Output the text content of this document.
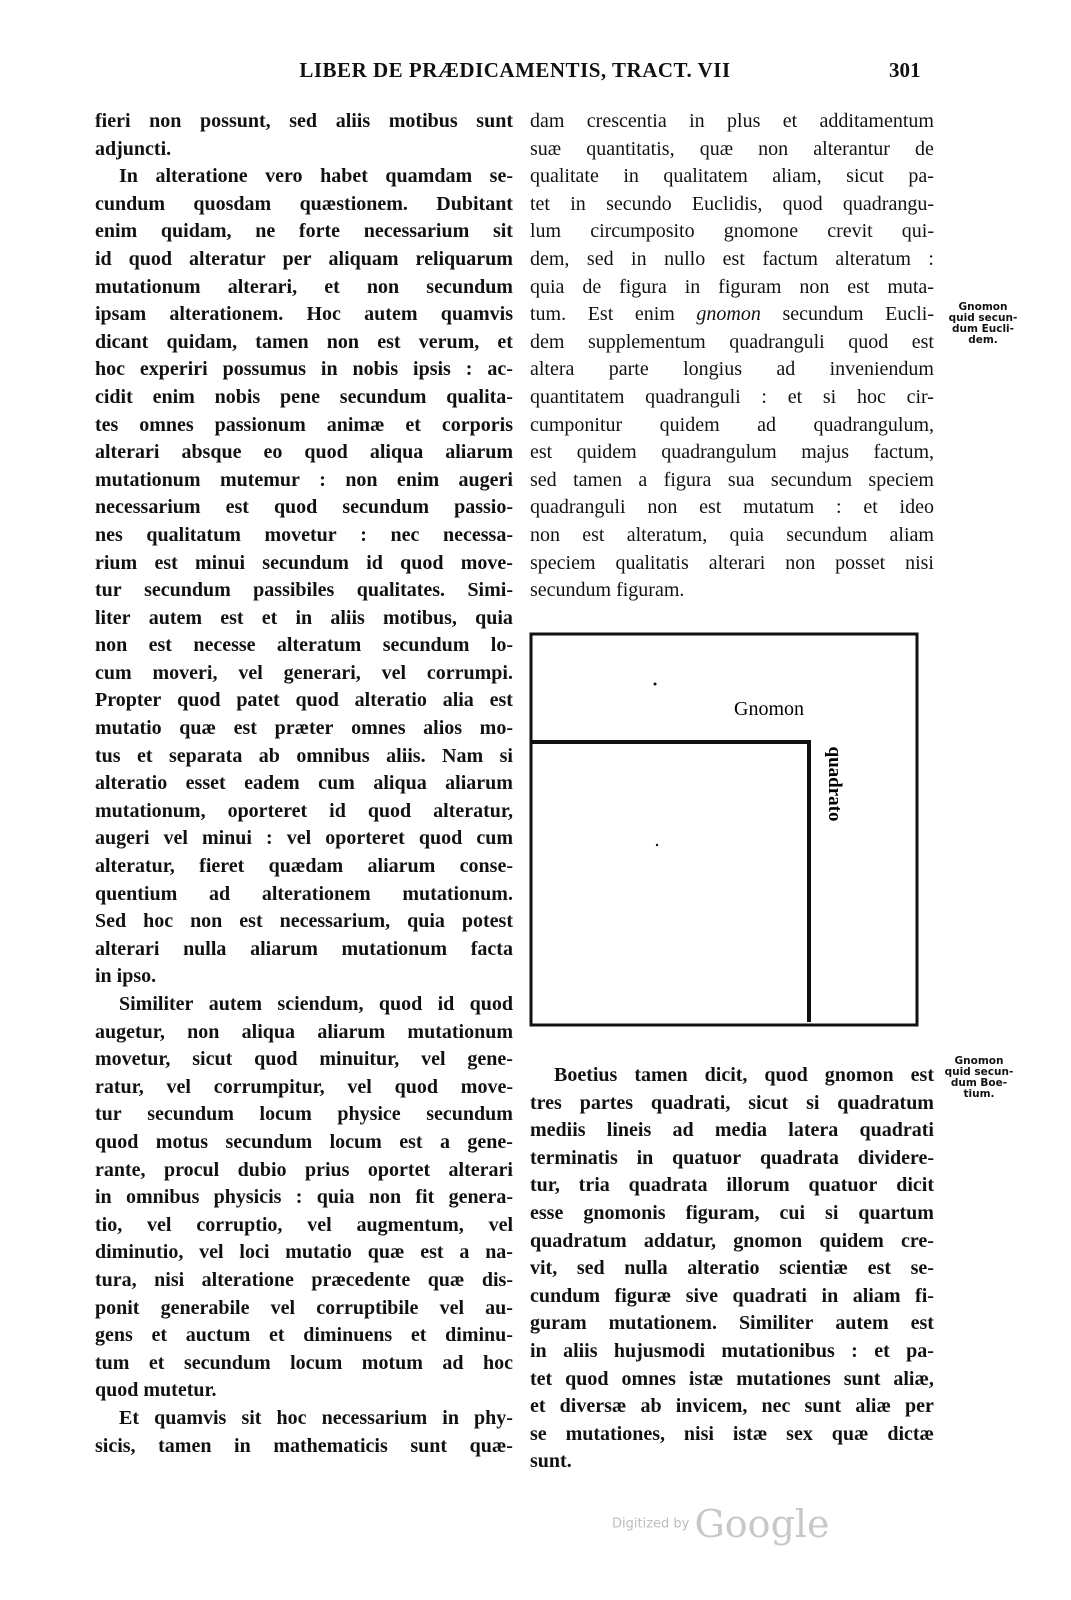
LIBER DE PRÆDICAMENTIS, TRACT. VII	301
fieri non possunt, sed aliis motibus sunt
adjuncti.
In alteratione vero habet quamdam se-
cundum quosdam quæstionem. Dubitant
enim quidam, ne forte necessarium sit
id quod alteratur per aliquam reliquarum
mutationum alterari, et non secundum
ipsam alterationem. Hoc autem quamvis
dicant quidam, tamen non est verum, et
hoc experiri possumus in nobis ipsis : ac-
cidit enim nobis pene secundum qualita-
tes omnes passionum animæ et corporis
alterari absque eo quod aliqua aliarum
mutationum mutemur : non enim augeri
necessarium est quod secundum passio-
nes qualitatum movetur : nec necessa-
rium est minui secundum id quod move-
tur secundum passibiles qualitates. Simi-
liter autem est et in aliis motibus, quia
non est necesse alteratum secundum lo-
cum moveri, vel generari, vel corrumpi.
Propter quod patet quod alteratio alia est
mutatio quæ est præter omnes alios mo-
tus et separata ab omnibus aliis. Nam si
alteratio esset eadem cum aliqua aliarum
mutationum, oporteret id quod alteratur,
augeri vel minui : vel oporteret quod cum
alteratur, fieret quædam aliarum conse-
quentium ad alterationem mutationum.
Sed hoc non est necessarium, quia potest
alterari nulla aliarum mutationum facta
in ipso.
Similiter autem sciendum, quod id quod
augetur, non aliqua aliarum mutationum
movetur, sicut quod minuitur, vel gene-
ratur, vel corrumpitur, vel quod move-
tur secundum locum physice secundum
quod motus secundum locum est a gene-
rante, procul dubio prius oportet alterari
in omnibus physicis : quia non fit genera-
tio, vel corruptio, vel augmentum, vel
diminutio, vel loci mutatio quæ est a na-
tura, nisi alteratione præcedente quæ dis-
ponit generabile vel corruptibile vel au-
gens et auctum et diminuens et diminu-
tum et secundum locum motum ad hoc
quod mutetur.
Et quamvis sit hoc necessarium in phy-
sicis, tamen in mathematicis sunt quæ-
dam crescentia in plus et additamentum
suæ quantitatis, quæ non alterantur de
qualitate in qualitatem aliam, sicut pa-
tet in secundo Euclidis, quod quadrangu-
lum circumposito gnomone crevit qui-
dem, sed in nullo est factum alteratum :
quia de figura in figuram non est muta-
tum. Est enim gnomon secundum Eucli-
dem supplementum quadranguli quod est
altera parte longius ad inveniendum
quantitatem quadranguli : et si hoc cir-
cumponitur quidem ad quadrangulum,
est quidem quadrangulum majus factum,
sed tamen a figura sua secundum speciem
quadranguli non est mutatum : et ideo
non est alteratum, quia secundum aliam
speciem qualitatis alterari non posset nisi
secundum figuram.
Gnomon
quid secun-
dum Eucli-
dem.
Gnomon
quadrato
Boetius tamen dicit, quod gnomon est
tres partes quadrati, sicut si quadratum
mediis lineis ad media latera quadrati
terminatis in quatuor quadrata dividere-
tur, tria quadrata illorum quatuor dicit
esse gnomonis figuram, cui si quartum
quadratum addatur, gnomon quidem cre-
vit, sed nulla alteratio scientiæ est se-
cundum figuræ sive quadrati in aliam fi-
guram mutationem. Similiter autem est
in aliis hujusmodi mutationibus : et pa-
tet quod omnes istæ mutationes sunt aliæ,
et diversæ ab invicem, nec sunt aliæ per
se mutationes, nisi istæ sex quæ dictæ
sunt.
Gnomon
quid secun-
dum Boe-
tium.
Digitized by Google
